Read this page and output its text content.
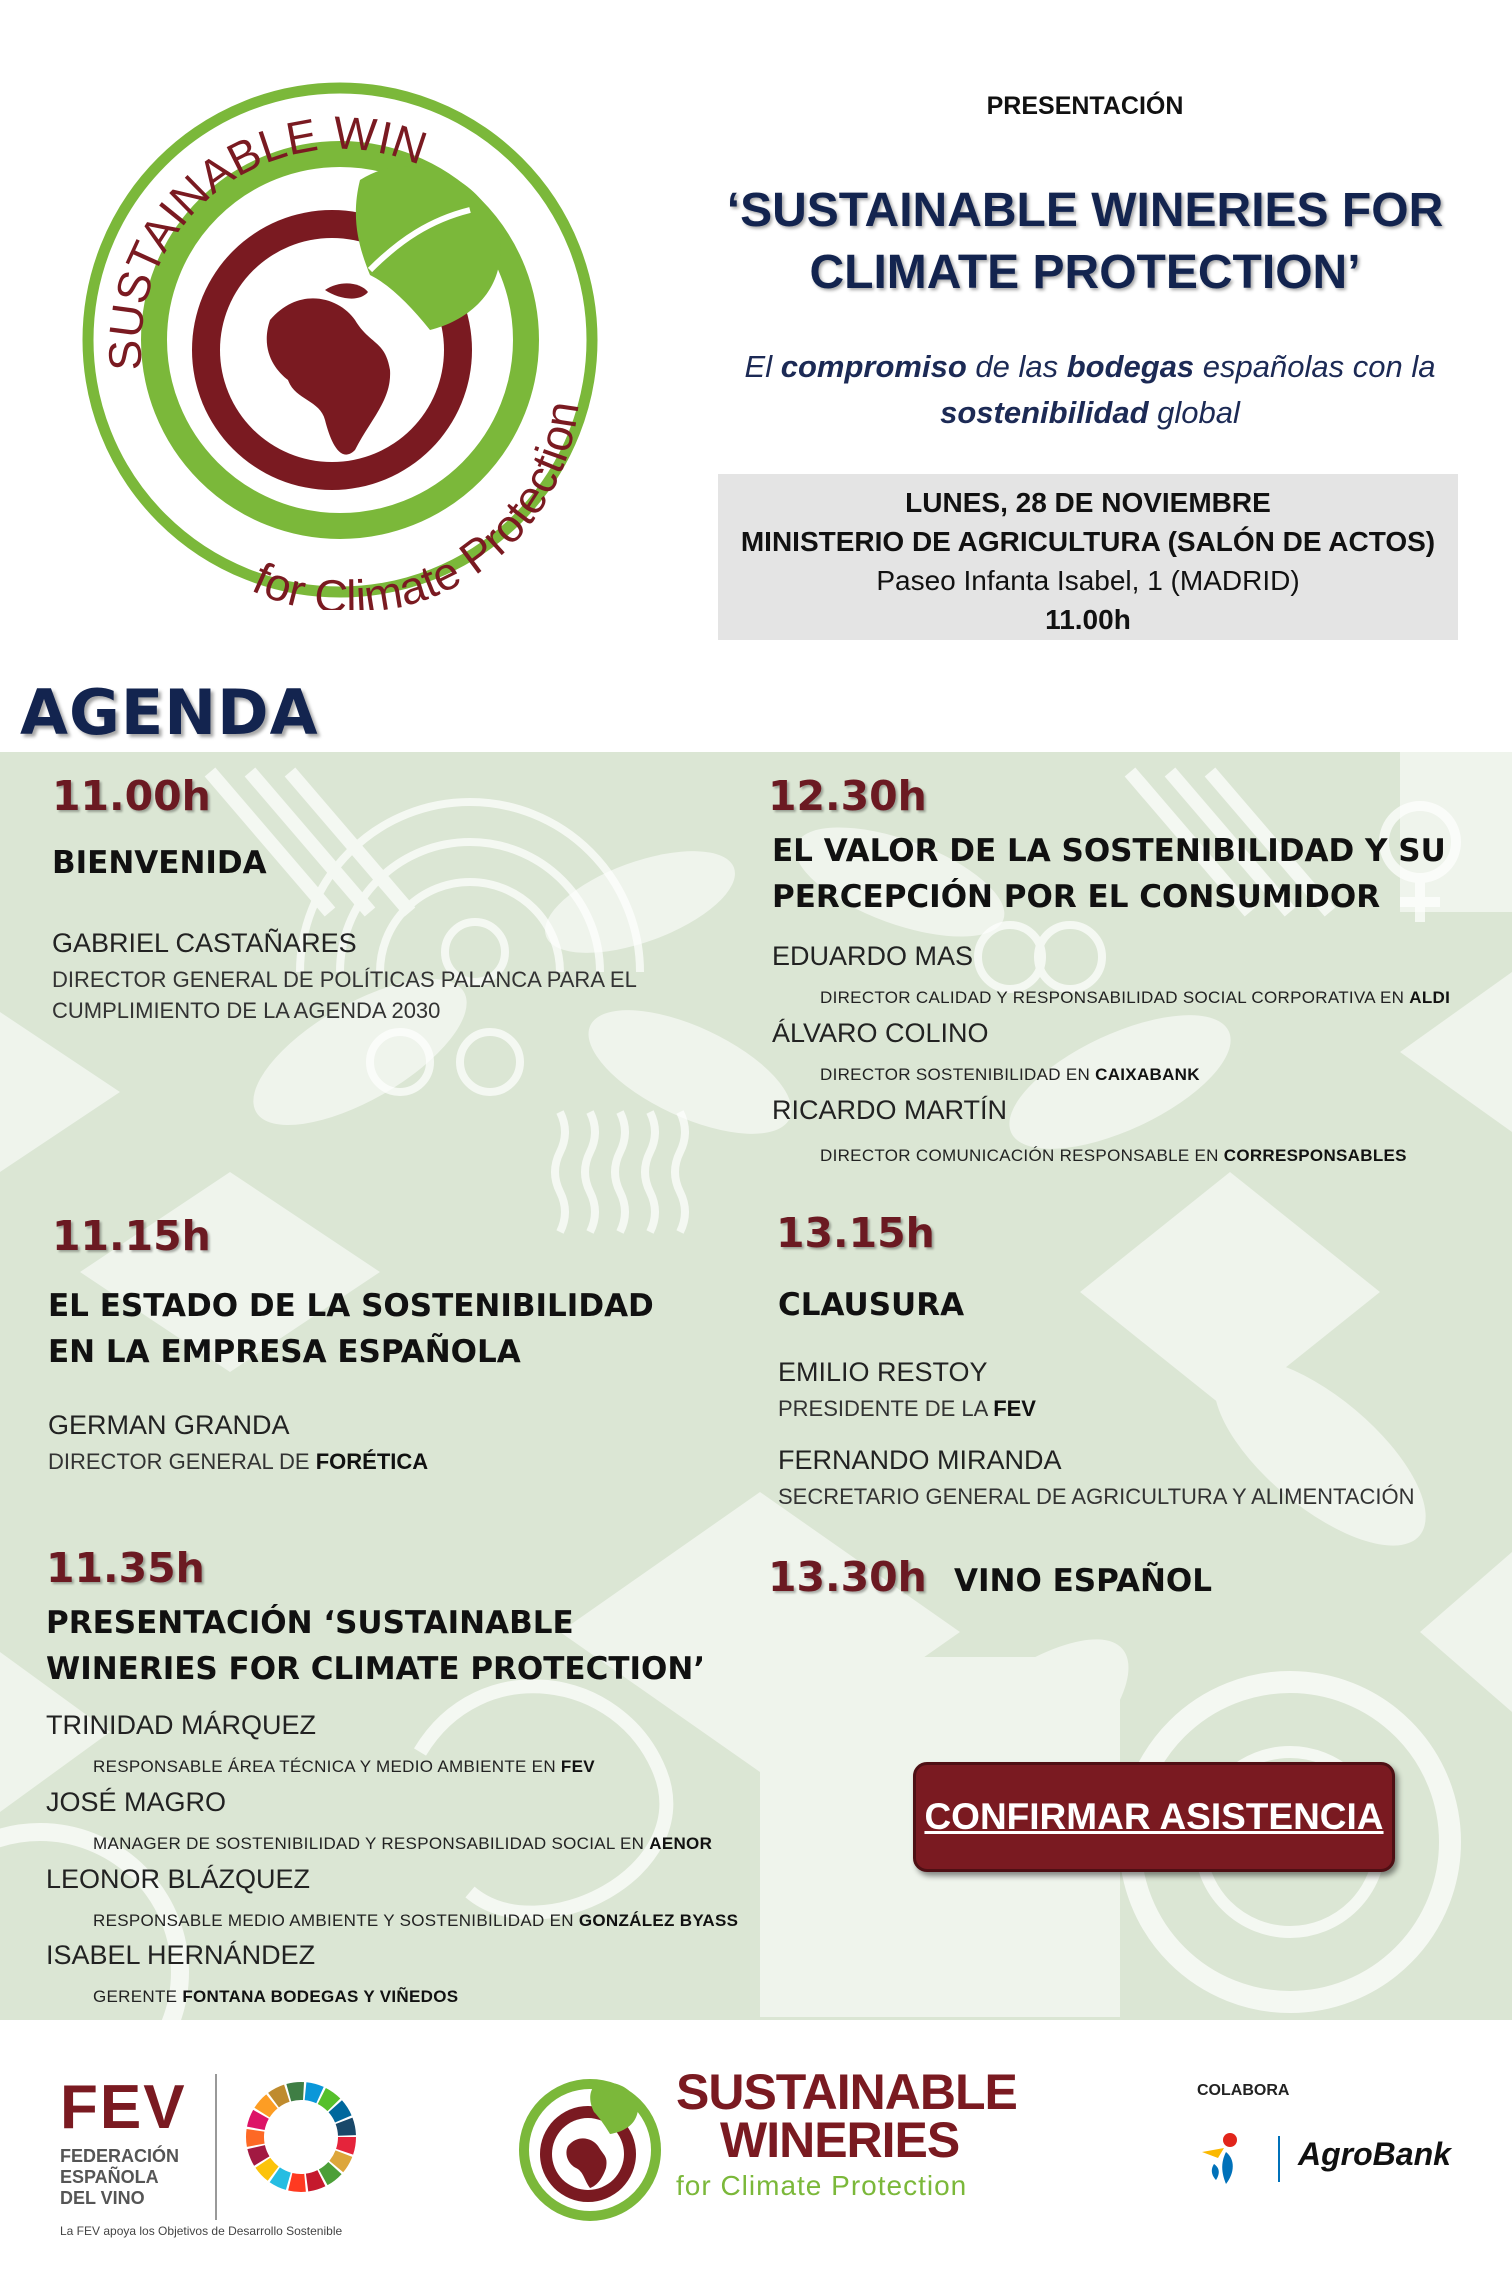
SUSTAINABLE WIN
for Climate Protection
PRESENTACIÓN
‘SUSTAINABLE WINERIES FOR
CLIMATE PROTECTION’
El compromiso de las bodegas españolas con la
sostenibilidad global
LUNES, 28 DE NOVIEMBRE
MINISTERIO DE AGRICULTURA (SALÓN DE ACTOS)
Paseo Infanta Isabel, 1 (MADRID)
11.00h
AGENDA
11.00h
BIENVENIDA
GABRIEL CASTAÑARES
DIRECTOR GENERAL DE POLÍTICAS PALANCA PARA EL
CUMPLIMIENTO DE LA AGENDA 2030
12.30h
EL VALOR DE LA SOSTENIBILIDAD Y SU
PERCEPCIÓN POR EL CONSUMIDOR
EDUARDO MAS
DIRECTOR CALIDAD Y RESPONSABILIDAD SOCIAL CORPORATIVA EN ALDI
ÁLVARO COLINO
DIRECTOR SOSTENIBILIDAD EN CAIXABANK
RICARDO MARTÍN
DIRECTOR COMUNICACIÓN RESPONSABLE EN CORRESPONSABLES
11.15h
EL ESTADO DE LA SOSTENIBILIDAD
EN LA EMPRESA ESPAÑOLA
GERMAN GRANDA
DIRECTOR GENERAL DE FORÉTICA
13.15h
CLAUSURA
EMILIO RESTOY
PRESIDENTE DE LA FEV
FERNANDO MIRANDA
SECRETARIO GENERAL DE AGRICULTURA Y ALIMENTACIÓN
11.35h
PRESENTACIÓN ‘SUSTAINABLE
WINERIES FOR CLIMATE PROTECTION’
TRINIDAD MÁRQUEZ
RESPONSABLE ÁREA TÉCNICA Y MEDIO AMBIENTE EN FEV
JOSÉ MAGRO
MANAGER DE SOSTENIBILIDAD Y RESPONSABILIDAD SOCIAL EN AENOR
LEONOR BLÁZQUEZ
RESPONSABLE MEDIO AMBIENTE Y SOSTENIBILIDAD EN GONZÁLEZ BYASS
ISABEL HERNÁNDEZ
GERENTE FONTANA BODEGAS Y VIÑEDOS
13.30h VINO ESPAÑOL
CONFIRMAR ASISTENCIA
FEV
FEDERACIÓN
ESPAÑOLA
DEL VINO
La FEV apoya los Objetivos de Desarrollo Sostenible
SUSTAINABLE
WINERIES
for Climate Protection
COLABORA
AgroBank
